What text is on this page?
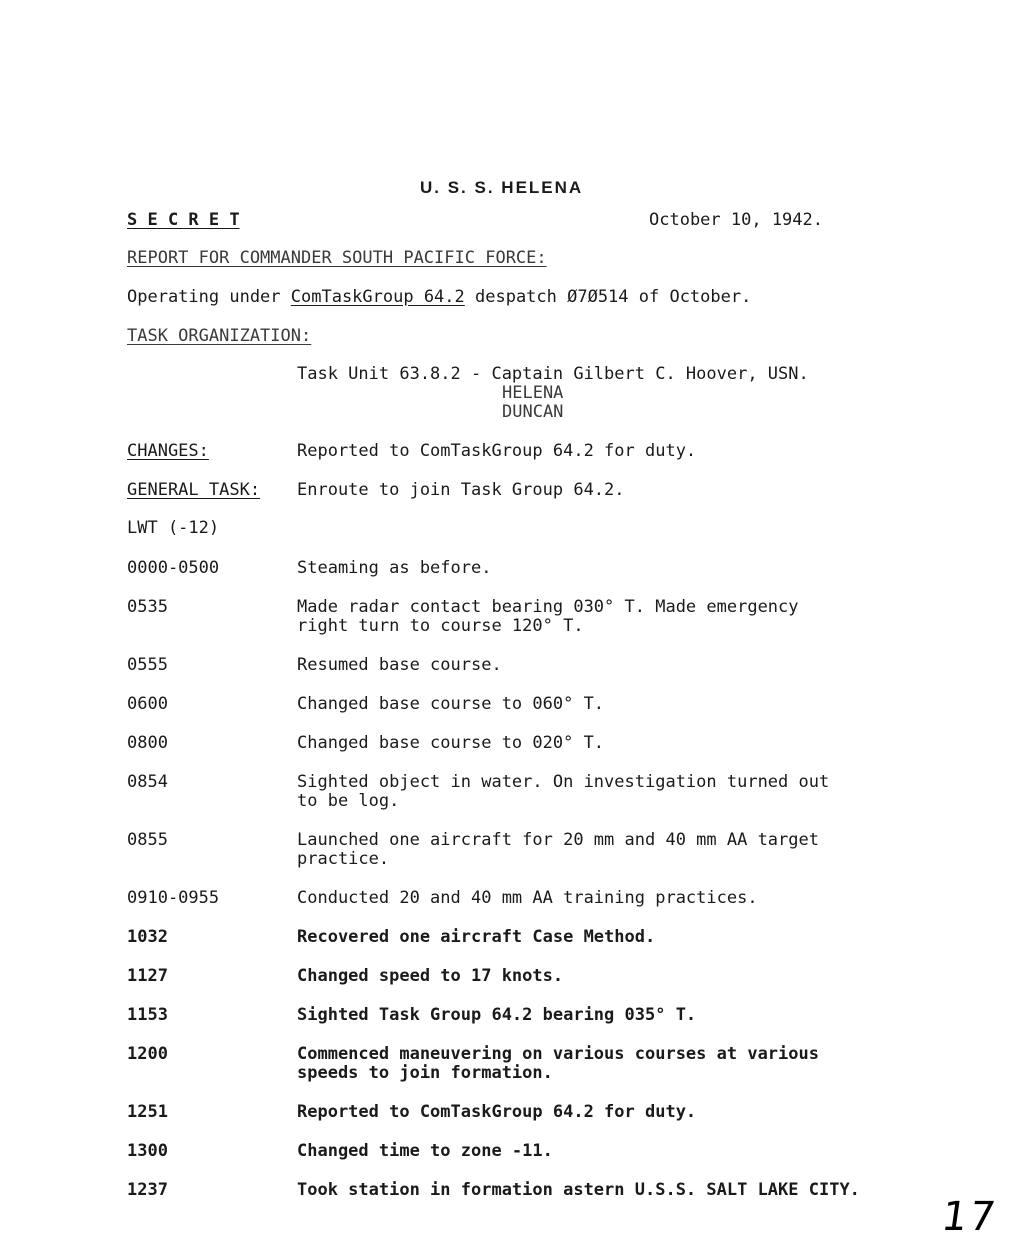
U. S. S. HELENA
S E C R E T	October 10, 1942.
REPORT FOR COMMANDER SOUTH PACIFIC FORCE:
Operating under ComTaskGroup 64.2 despatch Ø7Ø514 of October.
TASK ORGANIZATION:
Task Unit 63.8.2 - Captain Gilbert C. Hoover, USN.
HELENA
DUNCAN
CHANGES:	Reported to ComTaskGroup 64.2 for duty.
GENERAL TASK: Enroute to join Task Group 64.2.
LWT (-12)
0000-0500	Steaming as before.
0535	Made radar contact bearing 030° T. Made emergency
right turn to course 120° T.
0555	Resumed base course.
0600	Changed base course to 060° T.
0800	Changed base course to 020° T.
0854	Sighted object in water. On investigation turned out
to be log.
0855	Launched one aircraft for 20 mm and 40 mm AA target
practice.
0910-0955	Conducted 20 and 40 mm AA training practices.
1032	Recovered one aircraft Case Method.
1127	Changed speed to 17 knots.
1153	Sighted Task Group 64.2 bearing 035° T.
1200	Commenced maneuvering on various courses at various
speeds to join formation.
1251	Reported to ComTaskGroup 64.2 for duty.
1300	Changed time to zone -11.
1237	Took station in formation astern U.S.S. SALT LAKE CITY.
17
